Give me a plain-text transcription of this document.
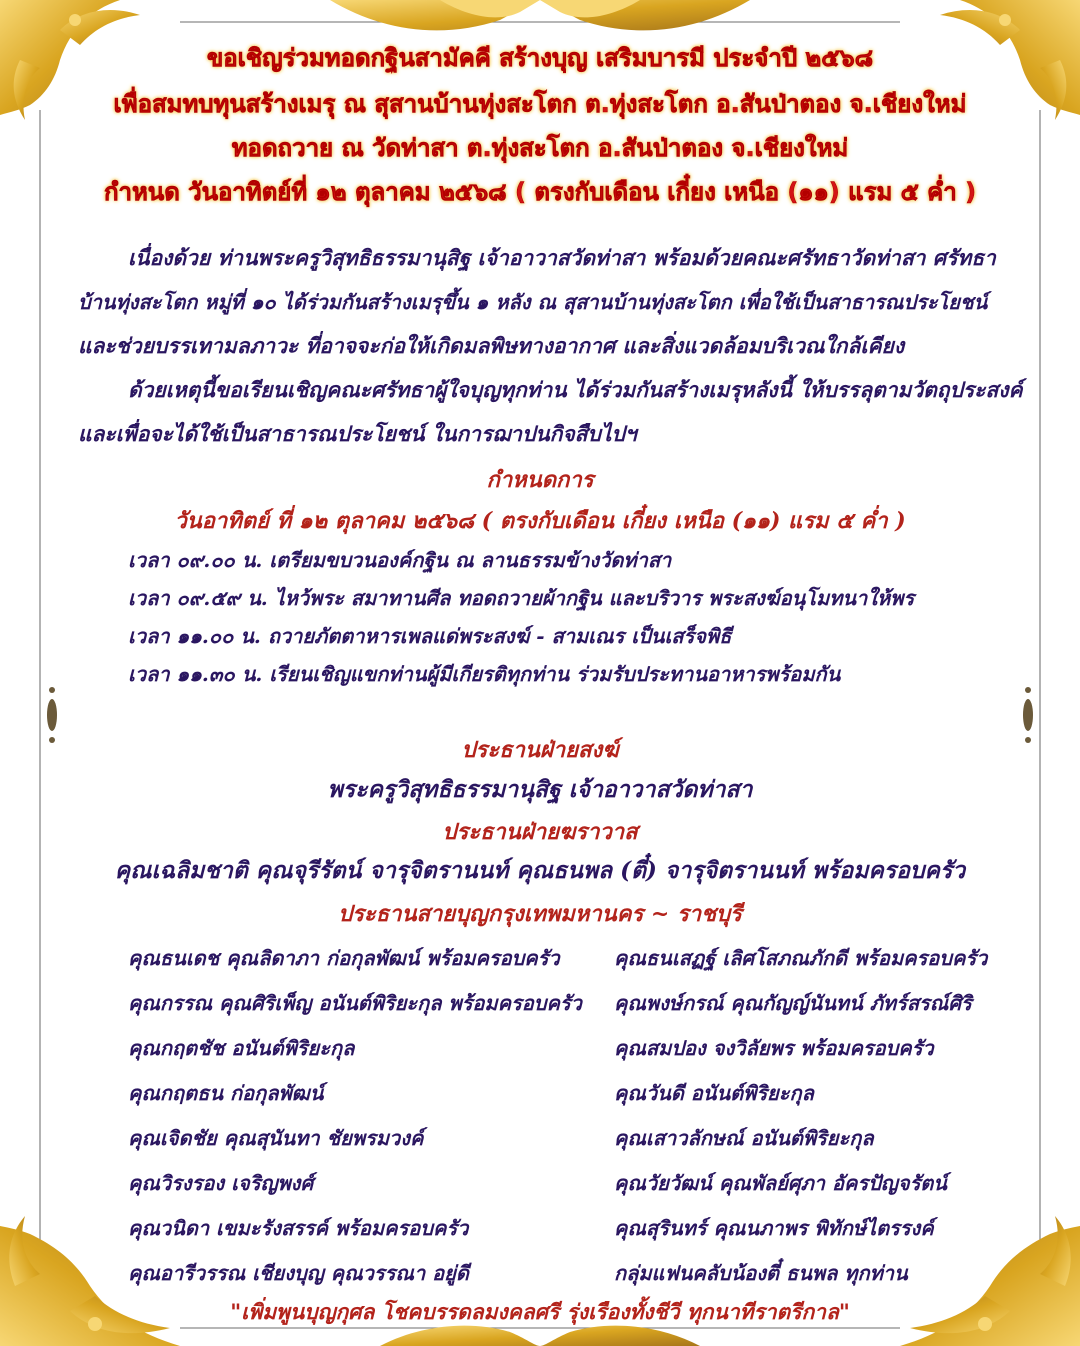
ขอเชิญร่วมทอดกฐินสามัคคี สร้างบุญ เสริมบารมี ประจำปี ๒๕๖๘
เพื่อสมทบทุนสร้างเมรุ ณ สุสานบ้านทุ่งสะโตก ต.ทุ่งสะโตก อ.สันป่าตอง จ.เชียงใหม่
ทอดถวาย ณ วัดท่าสา ต.ทุ่งสะโตก อ.สันป่าตอง จ.เชียงใหม่
กำหนด วันอาทิตย์ที่ ๑๒ ตุลาคม ๒๕๖๘ ( ตรงกับเดือน เกี๋ยง เหนือ (๑๑) แรม ๕ ค่ำ )
เนื่องด้วย ท่านพระครูวิสุทธิธรรมานุสิฐ เจ้าอาวาสวัดท่าสา พร้อมด้วยคณะศรัทธาวัดท่าสา ศรัทธา
บ้านทุ่งสะโตก หมู่ที่ ๑๐ ได้ร่วมกันสร้างเมรุขึ้น ๑ หลัง ณ สุสานบ้านทุ่งสะโตก เพื่อใช้เป็นสาธารณประโยชน์
และช่วยบรรเทามลภาวะ ที่อาจจะก่อให้เกิดมลพิษทางอากาศ และสิ่งแวดล้อมบริเวณใกล้เคียง
ด้วยเหตุนี้ขอเรียนเชิญคณะศรัทธาผู้ใจบุญทุกท่าน ได้ร่วมกันสร้างเมรุหลังนี้ ให้บรรลุตามวัตถุประสงค์
และเพื่อจะได้ใช้เป็นสาธารณประโยชน์ ในการฌาปนกิจสืบไปฯ
กำหนดการ
วันอาทิตย์ ที่ ๑๒ ตุลาคม ๒๕๖๘ ( ตรงกับเดือน เกี๋ยง เหนือ (๑๑) แรม ๕ ค่ำ )
เวลา ๐๙.๐๐ น. เตรียมขบวนองค์กฐิน ณ ลานธรรมข้างวัดท่าสา
เวลา ๐๙.๕๙ น. ไหว้พระ สมาทานศีล ทอดถวายผ้ากฐิน และบริวาร พระสงฆ์อนุโมทนาให้พร
เวลา ๑๑.๐๐ น. ถวายภัตตาหารเพลแด่พระสงฆ์ - สามเณร เป็นเสร็จพิธี
เวลา ๑๑.๓๐ น. เรียนเชิญแขกท่านผู้มีเกียรติทุกท่าน ร่วมรับประทานอาหารพร้อมกัน
ประธานฝ่ายสงฆ์
พระครูวิสุทธิธรรมานุสิฐ เจ้าอาวาสวัดท่าสา
ประธานฝ่ายฆราวาส
คุณเฉลิมชาติ คุณจุรีรัตน์ จารุจิตรานนท์ คุณธนพล (ตี๋) จารุจิตรานนท์ พร้อมครอบครัว
ประธานสายบุญกรุงเทพมหานคร ~ ราชบุรี
คุณธนเดช คุณลิดาภา ก่อกุลพัฒน์ พร้อมครอบครัว
คุณกรรณ คุณศิริเพ็ญ อนันต์พิริยะกุล พร้อมครอบครัว
คุณกฤตชัช อนันต์พิริยะกุล
คุณกฤตธน ก่อกุลพัฒน์
คุณเจิดชัย คุณสุนันทา ชัยพรมวงค์
คุณวิรงรอง เจริญพงศ์
คุณวนิดา เขมะรังสรรค์ พร้อมครอบครัว
คุณอารีวรรณ เชียงบุญ คุณวรรณา อยู่ดี
คุณธนเสฏฐ์ เลิศโสภณภักดี พร้อมครอบครัว
คุณพงษ์กรณ์ คุณกัญญ์นันทน์ ภัทร์สรณ์ศิริ
คุณสมปอง จงวิลัยพร พร้อมครอบครัว
คุณวันดี อนันต์พิริยะกุล
คุณเสาวลักษณ์ อนันต์พิริยะกุล
คุณวัยวัฒน์ คุณพัลย์ศุภา อัครปัญจรัตน์
คุณสุรินทร์ คุณนภาพร พิทักษ์ไตรรงค์
กลุ่มแฟนคลับน้องตี๋ ธนพล ทุกท่าน
"เพิ่มพูนบุญกุศล โชคบรรดลมงคลศรี รุ่งเรืองทั้งชีวี ทุกนาทีราตรีกาล"
